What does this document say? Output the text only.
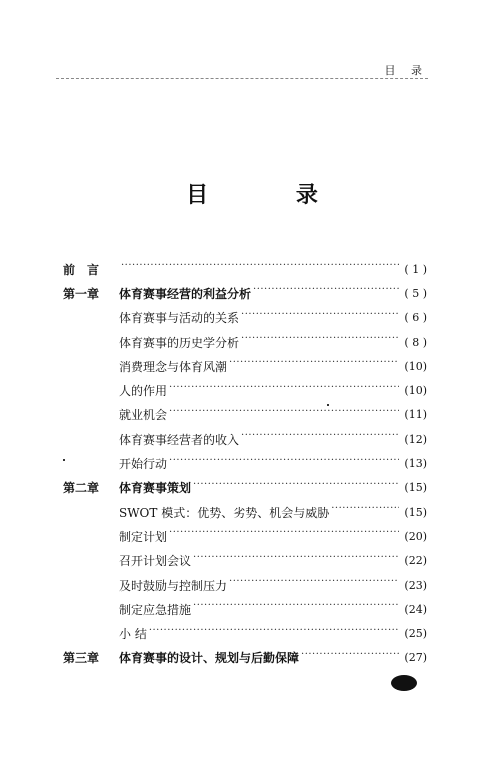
目 录
目 录
前言 ·····	( 1 )
第一章	体育赛事经营的利益分析 ·····	( 5 )
体育赛事与活动的关系 ·····	( 6 )
体育赛事的历史学分析 ·····	( 8 )
消费理念与体育风潮 ·····	(10)
人的作用 ·····	(10)
就业机会 ·····	(11)
体育赛事经营者的收入 ·····	(12)
开始行动 ·····	(13)
第二章	体育赛事策划 ·····	(15)
SWOT 模式：优势、劣势、机会与威胁 ·····	(15)
制定计划 ·····	(20)
召开计划会议 ·····	(22)
及时鼓励与控制压力 ·····	(23)
制定应急措施 ·····	(24)
小 结 ·····	(25)
第三章	体育赛事的设计、规划与后勤保障 ·····	(27)
